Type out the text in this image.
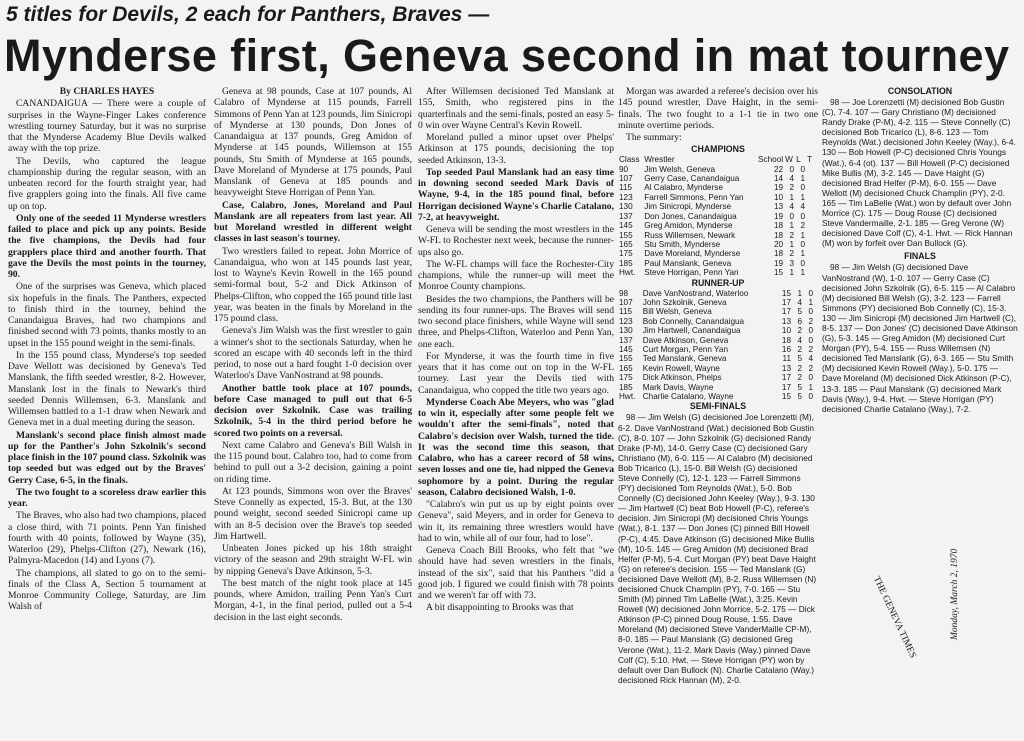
5 titles for Devils, 2 each for Panthers, Braves —
Mynderse first, Geneva second in mat tourney

By CHARLES HAYES

CANANDAIGUA — There were a couple of surprises in the Wayne-Finger Lakes conference wrestling tourney Saturday, but it was no surprise that the Mynderse Academy Blue Devils walked away with the top prize.

The Devils, who captured the league championship during the regular season, with an unbeaten record for the fourth straight year, had five grapplers going into the finals. All five came up on top.

Only one of the seeded 11 Mynderse wrestlers failed to place and pick up any points. Beside the five champions, the Devils had four grapplers place third and another fourth. That gave the Devils the most points in the tourney, 90.

One of the surprises was Geneva, which placed six hopefuls in the finals. The Panthers, expected to finish third in the tourney, behind the Canandaigua Braves, had two champions and finished second with 73 points, thanks mostly to an upset in the 155 pound weight in the semi-finals.

In the 155 pound class, Mynderse's top seeded Dave Wellott was decisioned by Geneva's Ted Manslank, the fifth seeded wrestler, 8-2. However, Manslank lost in the finals to Newark's third seeded Dennis Willemsen, 6-3. Manslank and Willemsen battled to a 1-1 draw when Newark and Geneva met in a dual meeting during the season.

Manslank's second place finish almost made up for the Panther's John Szkolnik's second place finish in the 107 pound class. Szkolnik was top seeded but was edged out by the Braves' Gerry Case, 6-5, in the finals.

The two fought to a scoreless draw earlier this year.

The Braves, who also had two champions, placed a close third, with 71 points. Penn Yan finished fourth with 40 points, followed by Wayne (35), Waterloo (29), Phelps-Clifton (27), Newark (16), Palmyra-Macedon (14) and Lyons (7).

The champions, all slated to go on to the semi-finals of the Class A, Section 5 tournament at Monroe Community College, Saturday, are Jim Walsh of

Geneva at 98 pounds, Case at 107 pounds, Al Calabro of Mynderse at 115 pounds, Farrell Simmons of Penn Yan at 123 pounds, Jim Sinicropi of Mynderse at 130 pounds, Don Jones of Canandaigua at 137 pounds, Greg Amidon of Mynderse at 145 pounds, Willemson at 155 pounds, Stu Smith of Mynderse at 165 pounds, Dave Moreland of Mynderse at 175 pounds, Paul Manslank of Geneva at 185 pounds and heavyweight Steve Horrigan of Penn Yan.

Case, Calabro, Jones, Moreland and Paul Manslank are all repeaters from last year. All but Moreland wrestled in different weight classes in last season's tourney.

Two wrestlers failed to repeat. John Morrice of Canandaigua, who won at 145 pounds last year, lost to Wayne's Kevin Rowell in the 165 pound semi-formal bout, 5-2 and Dick Atkinson of Phelps-Clifton, who copped the 165 pound title last year, was beaten in the finals by Moreland in the 175 pound class.

Geneva's Jim Walsh was the first wrestler to gain a winner's shot to the sectionals Saturday, when he scored an escape with 40 seconds left in the third period, to nose out a hard fought 1-0 decision over Waterloo's Dave VanNostrand at 98 pounds.

Another battle took place at 107 pounds, before Case managed to pull out that 6-5 decision over Szkolnik. Case was trailing Szkolnik, 5-4 in the third period before he scored two points on a reversal.

Next came Calabro and Geneva's Bill Walsh in the 115 pound bout. Calabro too, had to come from behind to pull out a 3-2 decision, gaining a point on riding time.

At 123 pounds, Simmons won over the Braves' Steve Connelly as expected, 15-3. But, at the 130 pound weight, second seeded Sinicropi came up with an 8-5 decision over the Brave's top seeded Jim Hartwell.

Unbeaten Jones picked up his 18th straight victory of the season and 29th straight W-FL win by nipping Geneva's Dave Atkinson, 5-3.

The best match of the night took place at 145 pounds, where Amidon, trailing Penn Yan's Curt Morgan, 4-1, in the final period, pulled out a 5-4 decision in the last eight seconds.

After Willemsen decisioned Ted Manslank at 155, Smith, who registered pins in the quarterfinals and the semi-finals, posted an easy 5-0 win over Wayne Central's Kevin Rowell.

Moreland pulled a minor upset over Phelps' Atkinson at 175 pounds, decisioning the top seeded Atkinson, 13-3.

Top seeded Paul Manslank had an easy time in downing second seeded Mark Davis of Wayne, 9-4, in the 185 pound final, before Horrigan decisioned Wayne's Charlie Catalano, 7-2, at heavyweight.

Geneva will be sending the most wrestlers in the W-FL to Rochester next week, because the runner-ups also go.

The W-FL champs will face the Rochester-City champions, while the runner-up will meet the Monroe County champions.

Besides the two champions, the Panthers will be sending its four runner-ups. The Braves will send two second place finishers, while Wayne will send three, and Phelps-Clifton, Waterloo and Penn Yan, one each.

For Mynderse, it was the fourth time in five years that it has come out on top in the W-FL tourney. Last year the Devils tied with Canandaigua, who copped the title two years ago.

Mynderse Coach Abe Meyers, who was "glad to win it, especially after some people felt we wouldn't after the semi-finals", noted that Calabro's decision over Walsh, turned the tide. It was the second time this season, that Calabro, who has a career record of 58 wins, seven losses and one tie, had nipped the Geneva sophomore by a point. During the regular season, Calabro decisioned Walsh, 1-0.

"Calabro's win put us up by eight points over Geneva", said Meyers, and in order for Geneva to win it, its remaining three wrestlers would have had to win, while all of our four, had to lose".

Geneva Coach Bill Brooks, who felt that "we should have had seven wrestlers in the finals, instead of the six", said that his Panthers "did a good job. I figured we could finish with 78 points and we weren't far off with 73.

A bit disappointing to Brooks was that

Morgan was awarded a referee's decision over his 145 pound wrestler, Dave Haight, in the semi-finals. The two fought to a 1-1 tie in two one minute overtime periods.

The summary:

CHAMPIONS
Class	Wrestler	School	W	L	T
90	Jim Welsh, Geneva	22	0	0	
107	Gerry Case, Canandaigua	14	4	1	
115	Al Calabro, Mynderse	19	2	0	
123	Farrell Simmons, Penn Yan	10	1	1	
130	Jim Sinicropi, Mynderse	13	4	4	
137	Don Jones, Canandaigua	19	0	0	
145	Greg Amidon, Mynderse	18	1	2	
155	Russ Willemsen, Newark	18	2	1	
165	Stu Smith, Mynderse	20	1	0	
175	Dave Moreland, Mynderse	18	2	1	
185	Paul Manslank, Geneva	19	3	0	
Hwt.	Steve Horrigan, Penn Yan	15	1	1	
RUNNER-UP
98	Dave VanNostrand, Waterloo	15	1	0
107	John Szkolnik, Geneva	17	4	1
115	Bill Welsh, Geneva	17	5	0
123	Bob Connelly, Canandaigua	13	6	2
130	Jim Hartwell, Canandaigua	10	2	0
137	Dave Atkinson, Geneva	18	4	0
145	Curt Morgan, Penn Yan	16	2	2
155	Ted Manslank, Geneva	11	5	4
165	Kevin Rowell, Wayne	13	2	2
175	Dick Atkinson, Phelps	17	2	0
185	Mark Davis, Wayne	17	5	1
Hwt.	Charlie Catalano, Wayne	15	5	0
SEMI-FINALS

98 — Jim Welsh (G) decisioned Joe Lorenzetti (M), 6-2. Dave VanNostrand (Wat.) decisioned Bob Gustin (C), 8-0. 107 — John Szkolnik (G) decisioned Randy Drake (P-M), 14-0. Gerry Case (C) decisioned Gary Christiano (M), 6-0. 115 — Al Calabro (M) decisioned Bob Tricarico (L), 15-0. Bill Welsh (G) decisioned Steve Connelly (C), 12-1. 123 — Farrell Simmons (PY) decisioned Tom Reynolds (Wat.), 5-0. Bob Connelly (C) decisioned John Keeley (Way.), 9-3. 130 — Jim Hartwell (C) beat Bob Howell (P-C), referee's decision. Jim Sinicropi (M) decisioned Chris Youngs (Wat.), 8-1. 137 — Don Jones (C) pinned Bill Howell (P-C), 4:45. Dave Atkinson (G) decisioned Mike Bullis (M), 10-5. 145 — Greg Amidon (M) decisioned Brad Helfer (P-M), 5-4. Curt Morgan (PY) beat Dave Haight (G) on referee's decision. 155 — Ted Manslank (G) decisioned Dave Wellott (M), 8-2. Russ Willemsen (N) decisioned Chuck Champlin (PY), 7-0. 165 — Stu Smith (M) pinned Tim LaBelle (Wat.), 3:25. Kevin Rowell (W) decisioned John Morrice, 5-2. 175 — Dick Atkinson (P-C) pinned Doug Rouse, 1:55. Dave Moreland (M) decisioned Steve VanderMaille CP-M), 8-0. 185 — Paul Manslank (G) decisioned Greg Verone (Wat.), 11-2. Mark Davis (Way.) pinned Dave Colf (C), 5:10. Hwt. — Steve Horrigan (PY) won by default over Dan Bullock (N). Charlie Catalano (Way.) decisioned Rick Hannan (M), 2-0.

CONSOLATION

98 — Joe Lorenzetti (M) decisioned Bob Gustin (C), 7-4. 107 — Gary Christiano (M) decisioned Randy Drake (P-M), 4-2. 115 — Steve Connelly (C) decisioned Bob Tricarico (L), 8-6. 123 — Tom Reynolds (Wat.) decisioned John Keeley (Way.), 6-4. 130 — Bob Howell (P-C) decisioned Chris Youngs (Wat.), 6-4 (ot). 137 — Bill Howell (P-C) decisioned Mike Bullis (M), 3-2. 145 — Dave Haight (G) decisioned Brad Helfer (P-M), 6-0. 155 — Dave Wellott (M) decisioned Chuck Champlin (PY), 2-0. 165 — Tim LaBelle (Wat.) won by default over John Morrice (C). 175 — Doug Rouse (C) decisioned Steve Vandermaille, 2-1. 185 — Greg Verone (W) decisioned Dave Colf (C), 4-1. Hwt. — Rick Hannan (M) won by forfeit over Dan Bullock (G).

FINALS

98 — Jim Welsh (G) decisioned Dave VanNostrand (W), 1-0. 107 — Gerry Case (C) decisioned John Szkolnik (G), 6-5. 115 — Al Calabro (M) decisioned Bill Welsh (G), 3-2. 123 — Farrell Simmons (PY) decisioned Bob Connelly (C), 15-3. 130 — Jim Sinicropi (M) decisioned Jim Hartwell (C), 8-5. 137 — Don Jones' (C) decisioned Dave Atkinson (G), 5-3. 145 — Greg Amidon (M) decisioned Curt Morgan (PY), 5-4. 155 — Russ Willemsen (N) decisioned Ted Manslank (G), 6-3. 165 — Stu Smith (M) decisioned Kevin Rowell (Way.), 5-0. 175 — Dave Moreland (M) decisioned Dick Atkinson (P-C), 13-3. 185 — Paul Manslank (G) decisioned Mark Davis (Way.), 9-4. Hwt. — Steve Horrigan (PY) decisioned Charlie Catalano (Way.), 7-2.

THE GENEVA TIMES	Monday, March 2, 1970
